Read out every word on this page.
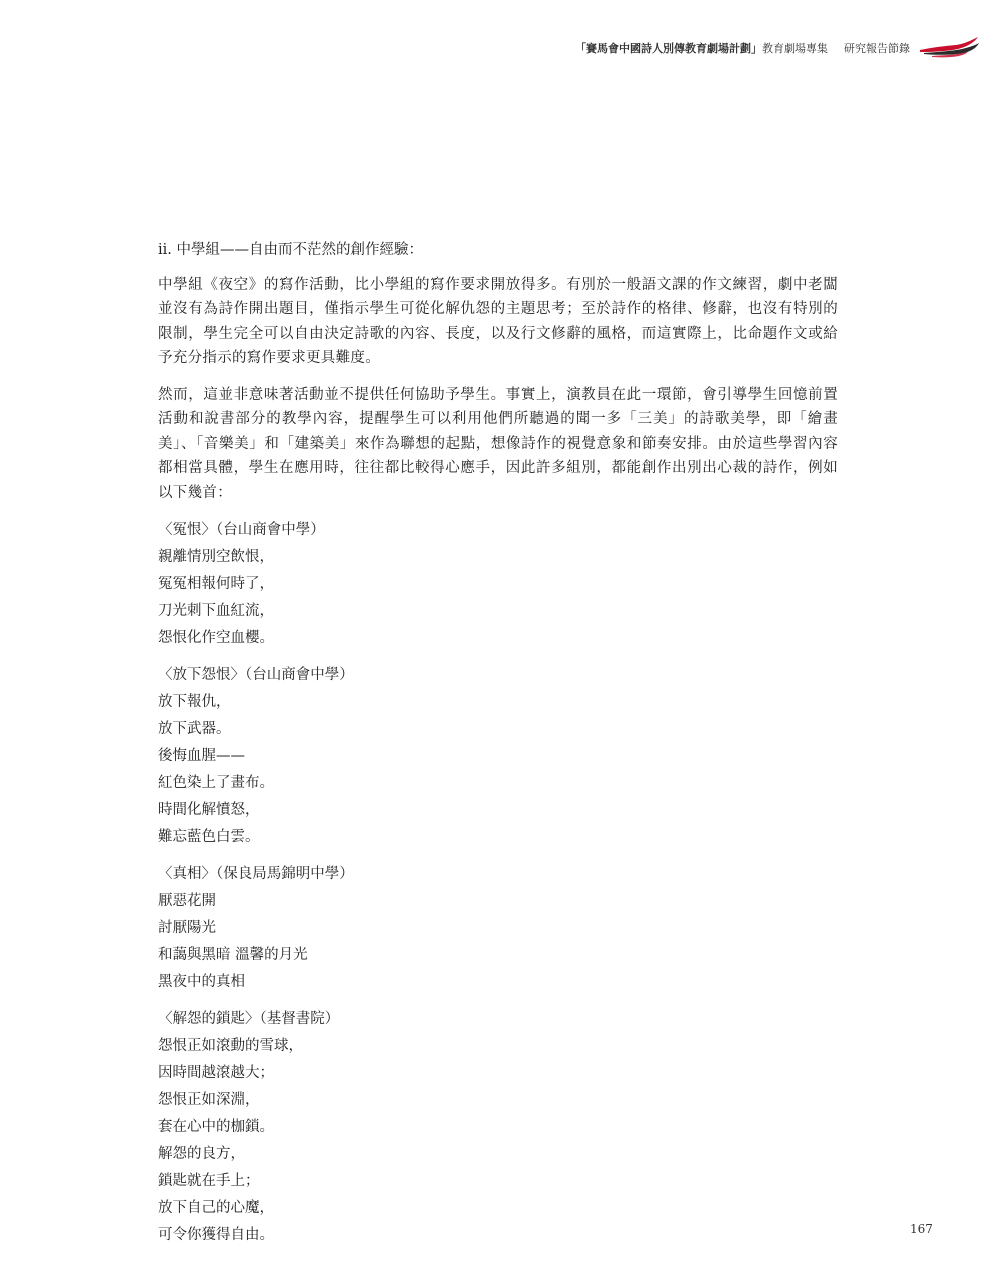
「賽馬會中國詩人別傳教育劇場計劃」 教育劇場專集 研究報告節錄
ii. 中學組——自由而不茫然的創作經驗：

中學組《夜空》的寫作活動，比小學組的寫作要求開放得多。有別於一般語文課的作文練習，劇中老闆並沒有為詩作開出題目，僅指示學生可從化解仇怨的主題思考；至於詩作的格律、修辭，也沒有特別的限制，學生完全可以自由決定詩歌的內容、長度，以及行文修辭的風格，而這實際上，比命題作文或給予充分指示的寫作要求更具難度。

然而，這並非意味著活動並不提供任何協助予學生。事實上，演教員在此一環節，會引導學生回憶前置活動和說書部分的教學內容，提醒學生可以利用他們所聽過的聞一多「三美」的詩歌美學，即「繪畫美」、「音樂美」和「建築美」來作為聯想的起點，想像詩作的視覺意象和節奏安排。由於這些學習內容都相當具體，學生在應用時，往往都比較得心應手，因此許多組別，都能創作出別出心裁的詩作，例如以下幾首：

〈冤恨〉（台山商會中學）
親離情別空飲恨，
冤冤相報何時了，
刀光刺下血紅流，
怨恨化作空血櫻。
〈放下怨恨〉（台山商會中學）
放下報仇，
放下武器。
後悔血腥——
紅色染上了畫布。
時間化解憤怒，
難忘藍色白雲。
〈真相〉（保良局馬錦明中學）
厭惡花開
討厭陽光
和藹與黑暗 溫馨的月光
黑夜中的真相
〈解怨的鎖匙〉（基督書院）
怨恨正如滾動的雪球，
因時間越滾越大；
怨恨正如深淵，
套在心中的枷鎖。
解怨的良方，
鎖匙就在手上；
放下自己的心魔，
可令你獲得自由。	167
